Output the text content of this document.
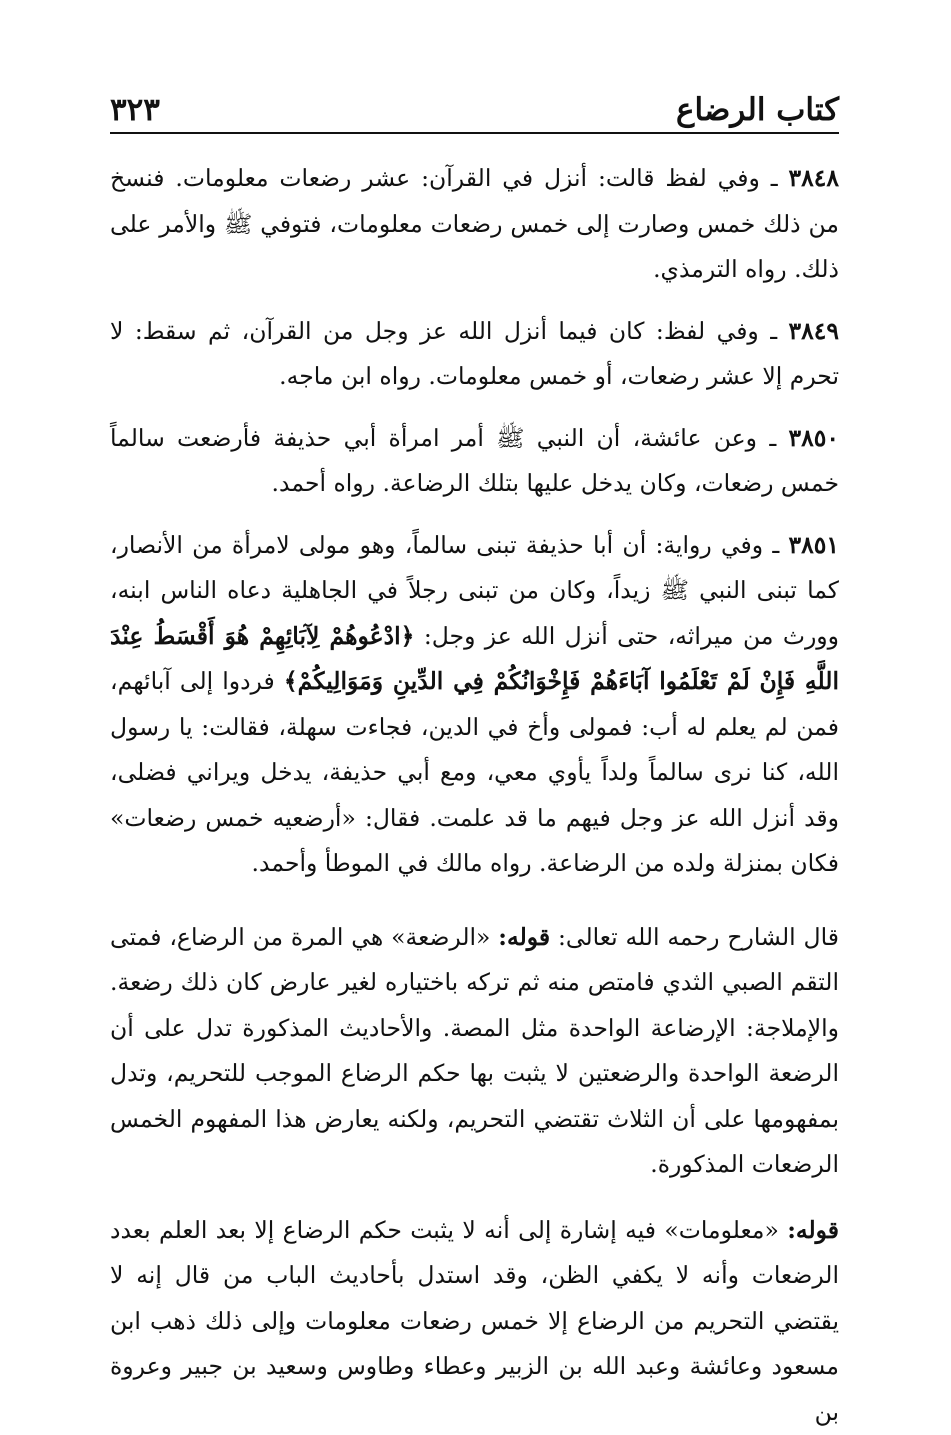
كتاب الرضاع
٣٢٣

٣٨٤٨ ـ وفي لفظ قالت: أنزل في القرآن: عشر رضعات معلومات. فنسخ من ذلك خمس وصارت إلى خمس رضعات معلومات، فتوفي ﷺ والأمر على ذلك. رواه الترمذي.

٣٨٤٩ ـ وفي لفظ: كان فيما أنزل الله عز وجل من القرآن، ثم سقط: لا تحرم إلا عشر رضعات، أو خمس معلومات. رواه ابن ماجه.

٣٨٥٠ ـ وعن عائشة، أن النبي ﷺ أمر امرأة أبي حذيفة فأرضعت سالماً خمس رضعات، وكان يدخل عليها بتلك الرضاعة. رواه أحمد.

٣٨٥١ ـ وفي رواية: أن أبا حذيفة تبنى سالماً، وهو مولى لامرأة من الأنصار، كما تبنى النبي ﷺ زيداً، وكان من تبنى رجلاً في الجاهلية دعاه الناس ابنه، وورث من ميراثه، حتى أنزل الله عز وجل: ﴿ادْعُوهُمْ لِآبَائِهِمْ هُوَ أَقْسَطُ عِنْدَ اللَّهِ فَإِنْ لَمْ تَعْلَمُوا آبَاءَهُمْ فَإِخْوَانُكُمْ فِي الدِّينِ وَمَوَالِيكُمْ﴾ فردوا إلى آبائهم، فمن لم يعلم له أب: فمولى وأخ في الدين، فجاءت سهلة، فقالت: يا رسول الله، كنا نرى سالماً ولداً يأوي معي، ومع أبي حذيفة، يدخل ويراني فضلى، وقد أنزل الله عز وجل فيهم ما قد علمت. فقال: «أرضعيه خمس رضعات» فكان بمنزلة ولده من الرضاعة. رواه مالك في الموطأ وأحمد.

قال الشارح رحمه الله تعالى: قوله: «الرضعة» هي المرة من الرضاع، فمتى التقم الصبي الثدي فامتص منه ثم تركه باختياره لغير عارض كان ذلك رضعة. والإملاجة: الإرضاعة الواحدة مثل المصة. والأحاديث المذكورة تدل على أن الرضعة الواحدة والرضعتين لا يثبت بها حكم الرضاع الموجب للتحريم، وتدل بمفهومها على أن الثلاث تقتضي التحريم، ولكنه يعارض هذا المفهوم الخمس الرضعات المذكورة.

قوله: «معلومات» فيه إشارة إلى أنه لا يثبت حكم الرضاع إلا بعد العلم بعدد الرضعات وأنه لا يكفي الظن، وقد استدل بأحاديث الباب من قال إنه لا يقتضي التحريم من الرضاع إلا خمس رضعات معلومات وإلى ذلك ذهب ابن مسعود وعائشة وعبد الله بن الزبير وعطاء وطاوس وسعيد بن جبير وعروة بن
